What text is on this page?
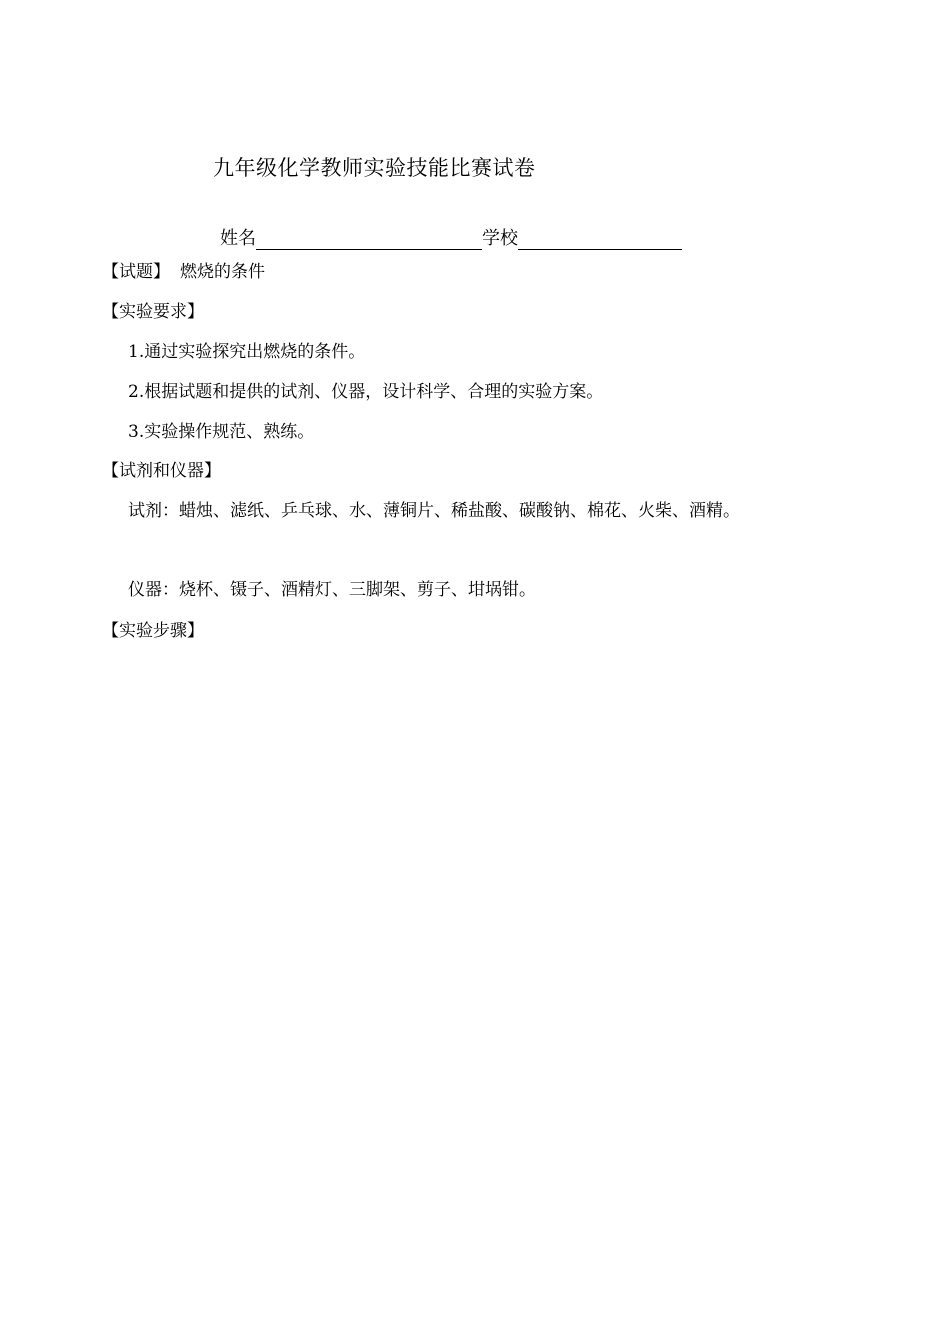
九年级化学教师实验技能比赛试卷
姓名	学校
【试题】 燃烧的条件
【实验要求】
1.通过实验探究出燃烧的条件。
2.根据试题和提供的试剂、仪器，设计科学、合理的实验方案。
3.实验操作规范、熟练。
【试剂和仪器】
试剂：蜡烛、滤纸、乒乓球、水、薄铜片、稀盐酸、碳酸钠、棉花、火柴、酒精。
仪器：烧杯、镊子、酒精灯、三脚架、剪子、坩埚钳。
【实验步骤】
